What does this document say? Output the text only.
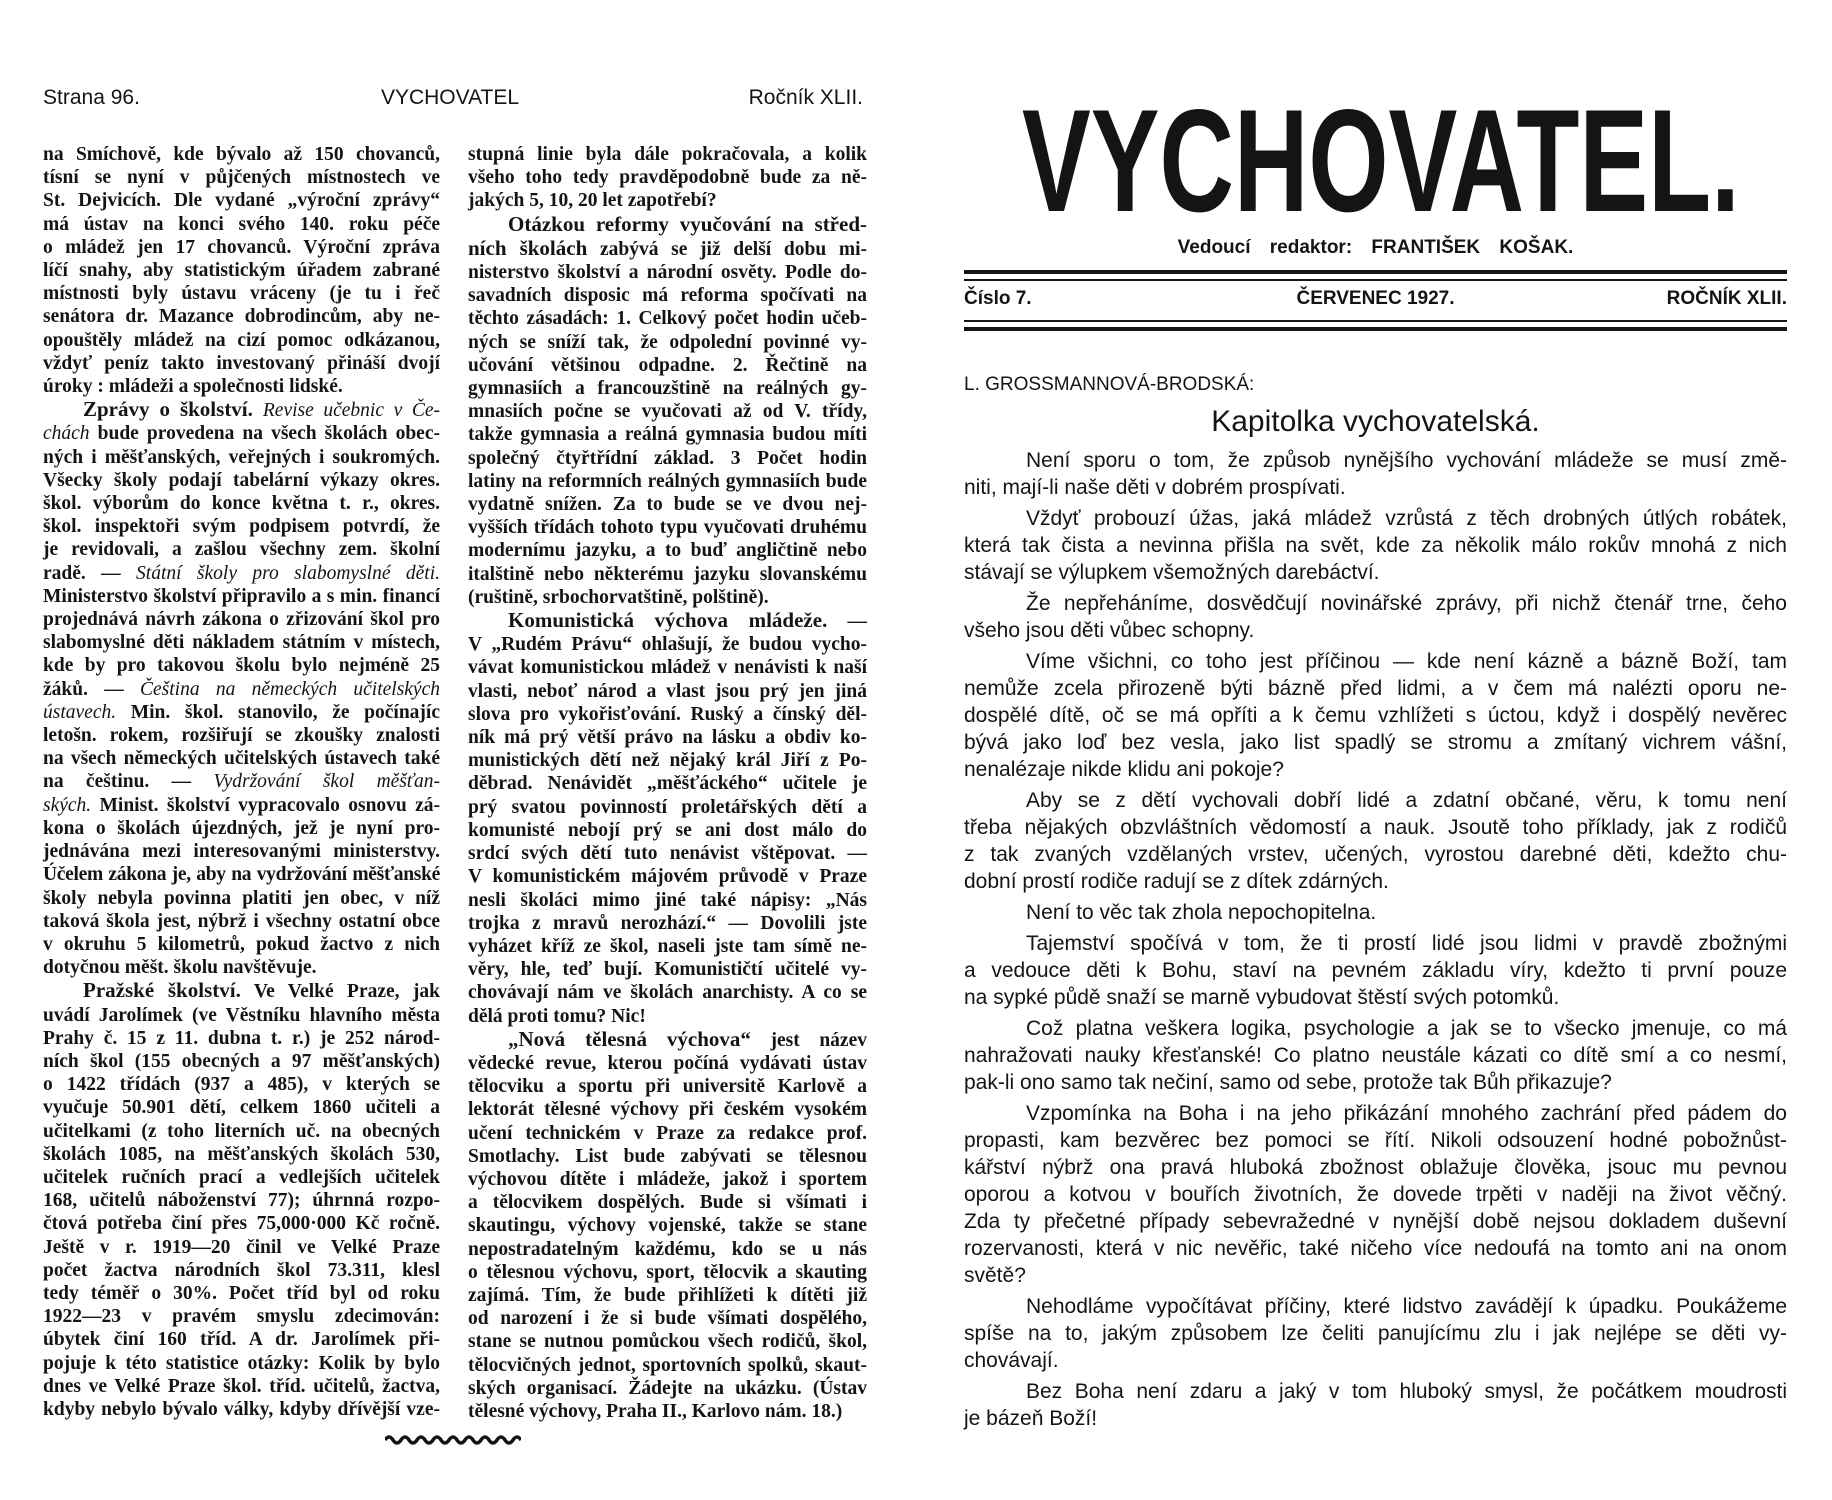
Strana 96.	VYCHOVATEL	Ročník XLII.
na Smíchově, kde bývalo až 150 chovanců,
tísní se nyní v půjčených místnostech ve
St. Dejvicích. Dle vydané „výroční zprávy“
má ústav na konci svého 140. roku péče
o mládež jen 17 chovanců. Výroční zpráva
líčí snahy, aby statistickým úřadem zabrané
místnosti byly ústavu vráceny (je tu i řeč
senátora dr. Mazance dobrodincům, aby ne-
opouštěly mládež na cizí pomoc odkázanou,
vždyť peníz takto investovaný přináší dvojí
úroky : mládeži a společnosti lidské.
Zprávy o školství. Revise učebnic v Če-
chách bude provedena na všech školách obec-
ných i měšťanských, veřejných i soukromých.
Všecky školy podají tabelární výkazy okres.
škol. výborům do konce května t. r., okres.
škol. inspektoři svým podpisem potvrdí, že
je revidovali, a zašlou všechny zem. školní
radě. — Státní školy pro slabomyslné děti.
Ministerstvo školství připravilo a s min. financí
projednává návrh zákona o zřizování škol pro
slabomyslné děti nákladem státním v místech,
kde by pro takovou školu bylo nejméně 25
žáků. — Čeština na německých učitelských
ústavech. Min. škol. stanovilo, že počínajíc
letošn. rokem, rozšiřují se zkoušky znalosti
na všech německých učitelských ústavech také
na češtinu. — Vydržování škol měšťan-
ských. Minist. školství vypracovalo osnovu zá-
kona o školách újezdných, jež je nyní pro-
jednávána mezi interesovanými ministerstvy.
Účelem zákona je, aby na vydržování měšťanské
školy nebyla povinna platiti jen obec, v níž
taková škola jest, nýbrž i všechny ostatní obce
v okruhu 5 kilometrů, pokud žactvo z nich
dotyčnou měšt. školu navštěvuje.
Pražské školství. Ve Velké Praze, jak
uvádí Jarolímek (ve Věstníku hlavního města
Prahy č. 15 z 11. dubna t. r.) je 252 národ-
ních škol (155 obecných a 97 měšťanských)
o 1422 třídách (937 a 485), v kterých se
vyučuje 50.901 dětí, celkem 1860 učiteli a
učitelkami (z toho literních uč. na obecných
školách 1085, na měšťanských školách 530,
učitelek ručních prací a vedlejších učitelek
168, učitelů náboženství 77); úhrnná rozpo-
čtová potřeba činí přes 75,000·000 Kč ročně.
Ještě v r. 1919—20 činil ve Velké Praze
počet žactva národních škol 73.311, klesl
tedy téměř o 30%. Počet tříd byl od roku
1922—23 v pravém smyslu zdecimován:
úbytek činí 160 tříd. A dr. Jarolímek při-
pojuje k této statistice otázky: Kolik by bylo
dnes ve Velké Praze škol. tříd. učitelů, žactva,
kdyby nebylo bývalo války, kdyby dřívější vze-
stupná linie byla dále pokračovala, a kolik
všeho toho tedy pravděpodobně bude za ně-
jakých 5, 10, 20 let zapotřebí?
Otázkou reformy vyučování na střed-
ních školách zabývá se již delší dobu mi-
nisterstvo školství a národní osvěty. Podle do-
savadních disposic má reforma spočívati na
těchto zásadách: 1. Celkový počet hodin učeb-
ných se sníží tak, že odpolední povinné vy-
učování většinou odpadne. 2. Řečtině na
gymnasiích a francouzštině na reálných gy-
mnasiích počne se vyučovati až od V. třídy,
takže gymnasia a reálná gymnasia budou míti
společný čtyřtřídní základ. 3 Počet hodin
latiny na reformních reálných gymnasiích bude
vydatně snížen. Za to bude se ve dvou nej-
vyšších třídách tohoto typu vyučovati druhému
modernímu jazyku, a to buď angličtině nebo
italštině nebo některému jazyku slovanskému
(ruštině, srbochorvatštině, polštině).
Komunistická výchova mládeže. —
V „Rudém Právu“ ohlašují, že budou vycho-
vávat komunistickou mládež v nenávisti k naší
vlasti, neboť národ a vlast jsou prý jen jiná
slova pro vykořisťování. Ruský a čínský děl-
ník má prý větší právo na lásku a obdiv ko-
munistických dětí než nějaký král Jiří z Po-
děbrad. Nenávidět „měšťáckého“ učitele je
prý svatou povinností proletářských dětí a
komunisté nebojí prý se ani dost málo do
srdcí svých dětí tuto nenávist vštěpovat. —
V komunistickém májovém průvodě v Praze
nesli školáci mimo jiné také nápisy: „Nás
trojka z mravů nerozhází.“ — Dovolili jste
vyházet kříž ze škol, naseli jste tam símě ne-
věry, hle, teď bují. Komunističtí učitelé vy-
chovávají nám ve školách anarchisty. A co se
dělá proti tomu? Nic!
„Nová tělesná výchova“ jest název
vědecké revue, kterou počíná vydávati ústav
tělocviku a sportu při universitě Karlově a
lektorát tělesné výchovy při českém vysokém
učení technickém v Praze za redakce prof.
Smotlachy. List bude zabývati se tělesnou
výchovou dítěte i mládeže, jakož i sportem
a tělocvikem dospělých. Bude si všímati i
skautingu, výchovy vojenské, takže se stane
nepostradatelným každému, kdo se u nás
o tělesnou výchovu, sport, tělocvik a skauting
zajímá. Tím, že bude přihlížeti k dítěti již
od narození i že si bude všímati dospělého,
stane se nutnou pomůckou všech rodičů, škol,
tělocvičných jednot, sportovních spolků, skaut-
ských organisací. Žádejte na ukázku. (Ústav
tělesné výchovy, Praha II., Karlovo nám. 18.)
VYCHOVATEL.
Vedoucí redaktor: FRANTIŠEK KOŠAK.
Číslo 7.	ČERVENEC 1927.	ROČNÍK XLII.
L. GROSSMANNOVÁ-BRODSKÁ:
Kapitolka vychovatelská.
Není sporu o tom, že způsob nynějšího vychování mládeže se musí změ-
niti, mají-li naše děti v dobrém prospívati.
Vždyť probouzí úžas, jaká mládež vzrůstá z těch drobných útlých robátek,
která tak čista a nevinna přišla na svět, kde za několik málo rokův mnohá z nich
stávají se výlupkem všemožných darebáctví.
Že nepřeháníme, dosvědčují novinářské zprávy, při nichž čtenář trne, čeho
všeho jsou děti vůbec schopny.
Víme všichni, co toho jest příčinou — kde není kázně a bázně Boží, tam
nemůže zcela přirozeně býti bázně před lidmi, a v čem má nalézti oporu ne-
dospělé dítě, oč se má opříti a k čemu vzhlížeti s úctou, když i dospělý nevěrec
bývá jako loď bez vesla, jako list spadlý se stromu a zmítaný vichrem vášní,
nenalézaje nikde klidu ani pokoje?
Aby se z dětí vychovali dobří lidé a zdatní občané, věru, k tomu není
třeba nějakých obzvláštních vědomostí a nauk. Jsoutě toho příklady, jak z rodičů
z tak zvaných vzdělaných vrstev, učených, vyrostou darebné děti, kdežto chu-
dobní prostí rodiče radují se z dítek zdárných.
Není to věc tak zhola nepochopitelna.
Tajemství spočívá v tom, že ti prostí lidé jsou lidmi v pravdě zbožnými
a vedouce děti k Bohu, staví na pevném základu víry, kdežto ti první pouze
na sypké půdě snaží se marně vybudovat štěstí svých potomků.
Což platna veškera logika, psychologie a jak se to všecko jmenuje, co má
nahražovati nauky křesťanské! Co platno neustále kázati co dítě smí a co nesmí,
pak-li ono samo tak nečiní, samo od sebe, protože tak Bůh přikazuje?
Vzpomínka na Boha i na jeho přikázání mnohého zachrání před pádem do
propasti, kam bezvěrec bez pomoci se řítí. Nikoli odsouzení hodné pobožnůst-
kářství nýbrž ona pravá hluboká zbožnost oblažuje člověka, jsouc mu pevnou
oporou a kotvou v bouřích životních, že dovede trpěti v naději na život věčný.
Zda ty přečetné případy sebevražedné v nynější době nejsou dokladem duševní
rozervanosti, která v nic nevěřic, také ničeho více nedoufá na tomto ani na onom
světě?
Nehodláme vypočítávat příčiny, které lidstvo zavádějí k úpadku. Poukážeme
spíše na to, jakým způsobem lze čeliti panujícímu zlu i jak nejlépe se děti vy-
chovávají.
Bez Boha není zdaru a jaký v tom hluboký smysl, že počátkem moudrosti
je bázeň Boží!
